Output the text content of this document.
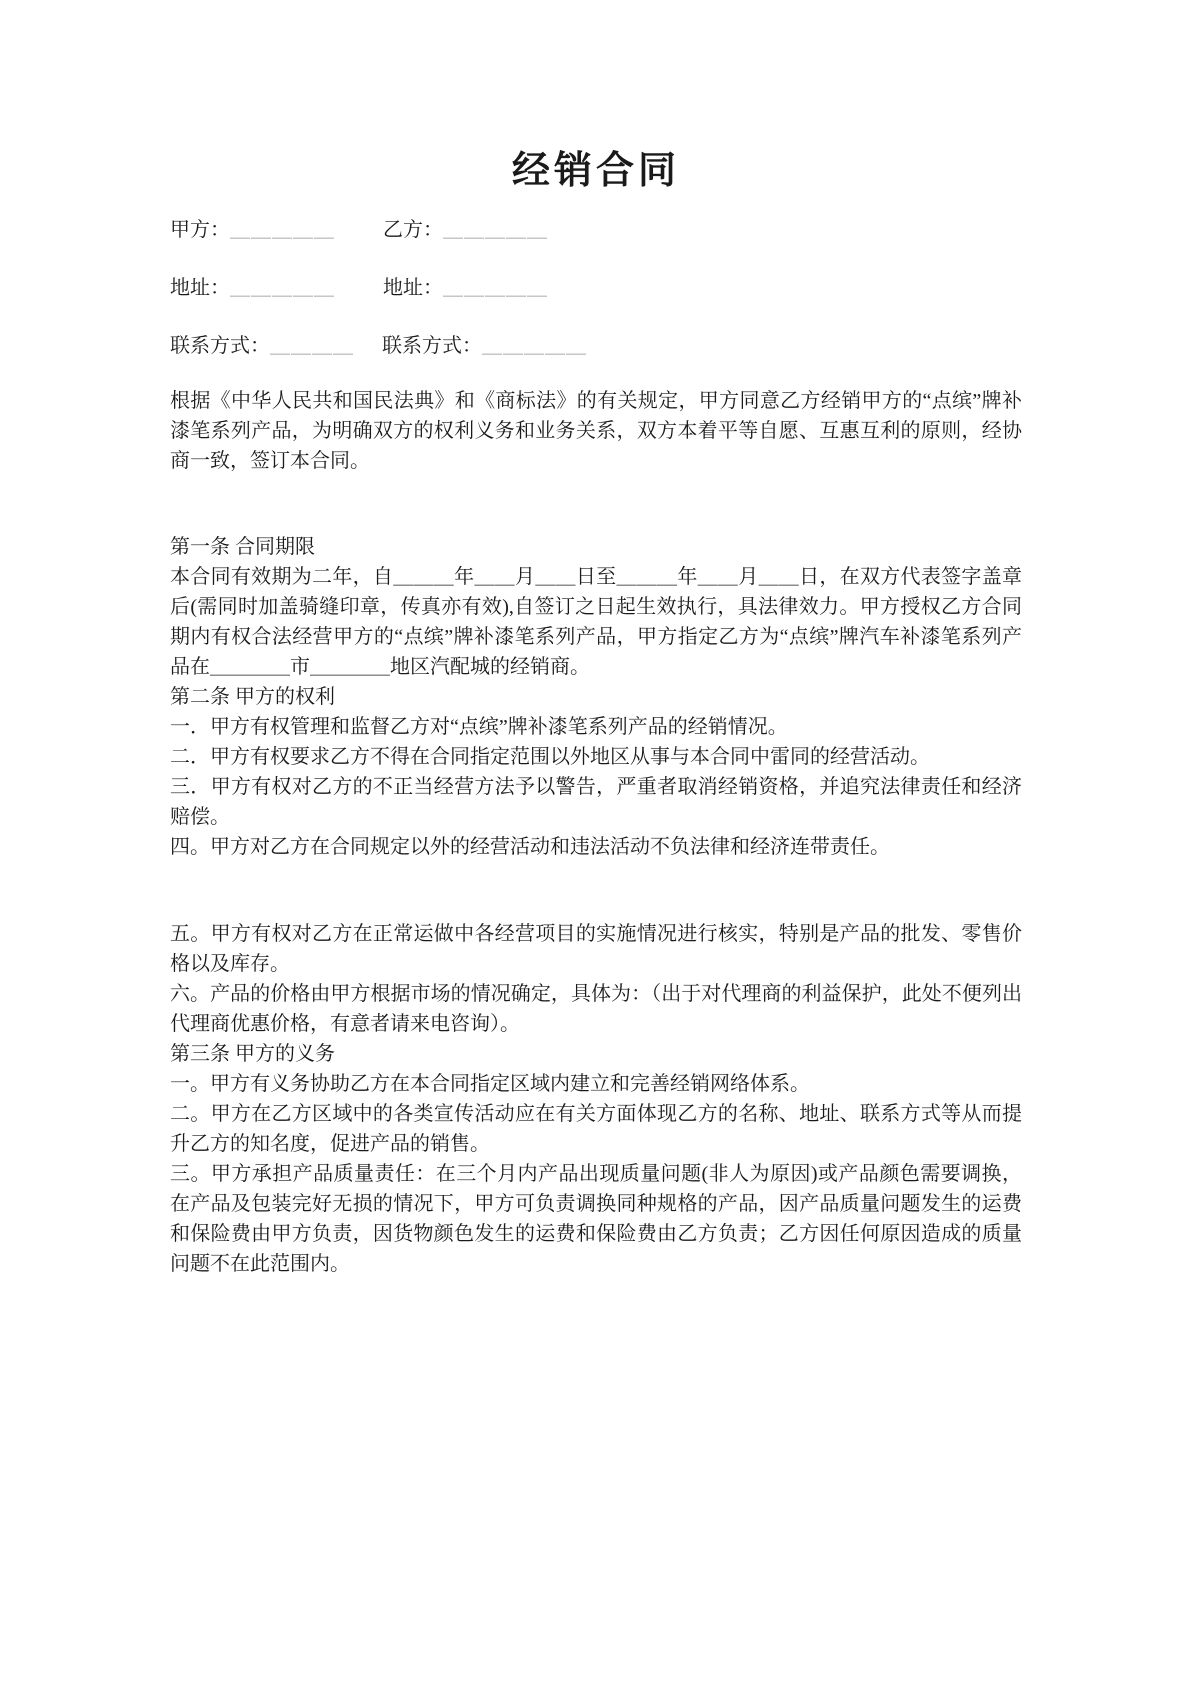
经销合同
甲方：＿＿＿＿＿ 乙方：＿＿＿＿＿
地址：＿＿＿＿＿ 地址：＿＿＿＿＿
联系方式：＿＿＿＿ 联系方式：＿＿＿＿＿

根据《中华人民共和国民法典》和《商标法》的有关规定，甲方同意乙方经销甲方的“点缤”牌补漆笔系列产品，为明确双方的权利义务和业务关系，双方本着平等自愿、互惠互利的原则，经协商一致，签订本合同。

第一条 合同期限

本合同有效期为二年，自＿＿＿年＿＿月＿＿日至＿＿＿年＿＿月＿＿日，在双方代表签字盖章后(需同时加盖骑缝印章，传真亦有效),自签订之日起生效执行，具法律效力。甲方授权乙方合同期内有权合法经营甲方的“点缤”牌补漆笔系列产品，甲方指定乙方为“点缤”牌汽车补漆笔系列产品在＿＿＿＿市＿＿＿＿地区汽配城的经销商。

第二条 甲方的权利

一．甲方有权管理和监督乙方对“点缤”牌补漆笔系列产品的经销情况。

二．甲方有权要求乙方不得在合同指定范围以外地区从事与本合同中雷同的经营活动。

三．甲方有权对乙方的不正当经营方法予以警告，严重者取消经销资格，并追究法律责任和经济赔偿。

四。甲方对乙方在合同规定以外的经营活动和违法活动不负法律和经济连带责任。

五。甲方有权对乙方在正常运做中各经营项目的实施情况进行核实，特别是产品的批发、零售价格以及库存。

六。产品的价格由甲方根据市场的情况确定，具体为：（出于对代理商的利益保护，此处不便列出代理商优惠价格，有意者请来电咨询）。

第三条 甲方的义务

一。甲方有义务协助乙方在本合同指定区域内建立和完善经销网络体系。

二。甲方在乙方区域中的各类宣传活动应在有关方面体现乙方的名称、地址、联系方式等从而提升乙方的知名度，促进产品的销售。

三。甲方承担产品质量责任：在三个月内产品出现质量问题(非人为原因)或产品颜色需要调换，在产品及包装完好无损的情况下，甲方可负责调换同种规格的产品，因产品质量问题发生的运费和保险费由甲方负责，因货物颜色发生的运费和保险费由乙方负责；乙方因任何原因造成的质量问题不在此范围内。
